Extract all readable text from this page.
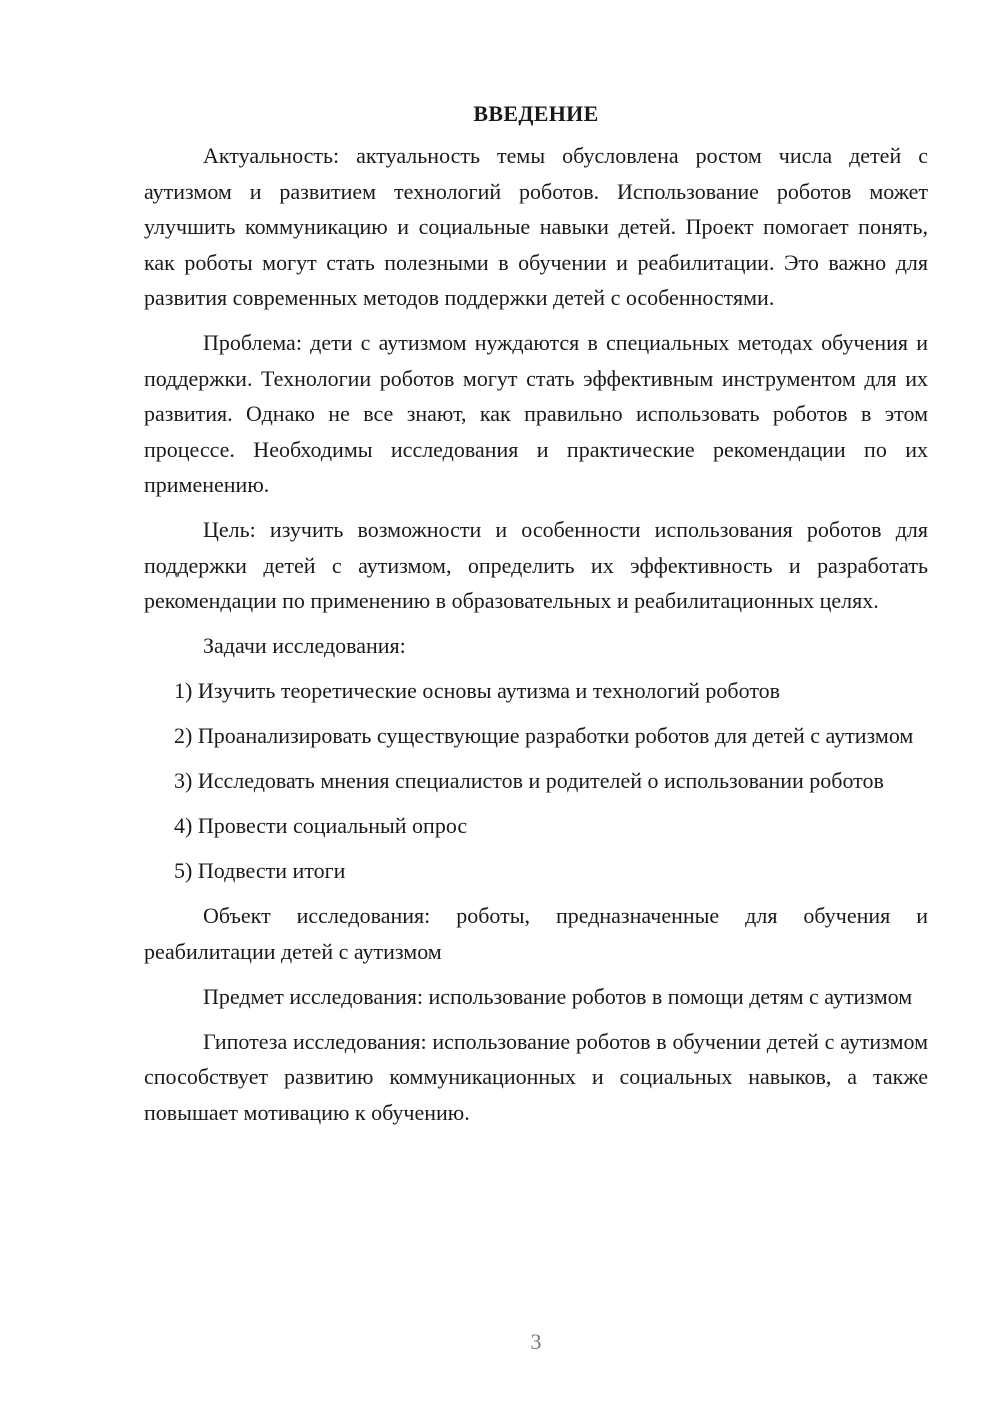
ВВЕДЕНИЕ

Актуальность: актуальность темы обусловлена ростом числа детей с аутизмом и развитием технологий роботов. Использование роботов может улучшить коммуникацию и социальные навыки детей. Проект помогает понять, как роботы могут стать полезными в обучении и реабилитации. Это важно для развития современных методов поддержки детей с особенностями.

Проблема: дети с аутизмом нуждаются в специальных методах обучения и поддержки. Технологии роботов могут стать эффективным инструментом для их развития. Однако не все знают, как правильно использовать роботов в этом процессе. Необходимы исследования и практические рекомендации по их применению.

Цель: изучить возможности и особенности использования роботов для поддержки детей с аутизмом, определить их эффективность и разработать рекомендации по применению в образовательных и реабилитационных целях.

Задачи исследования:

1) Изучить теоретические основы аутизма и технологий роботов

2) Проанализировать существующие разработки роботов для детей с аутизмом

3) Исследовать мнения специалистов и родителей о использовании роботов

4) Провести социальный опрос

5) Подвести итоги

Объект исследования: роботы, предназначенные для обучения и реабилитации детей с аутизмом

Предмет исследования: использование роботов в помощи детям с аутизмом

Гипотеза исследования: использование роботов в обучении детей с аутизмом способствует развитию коммуникационных и социальных навыков, а также повышает мотивацию к обучению.

3
